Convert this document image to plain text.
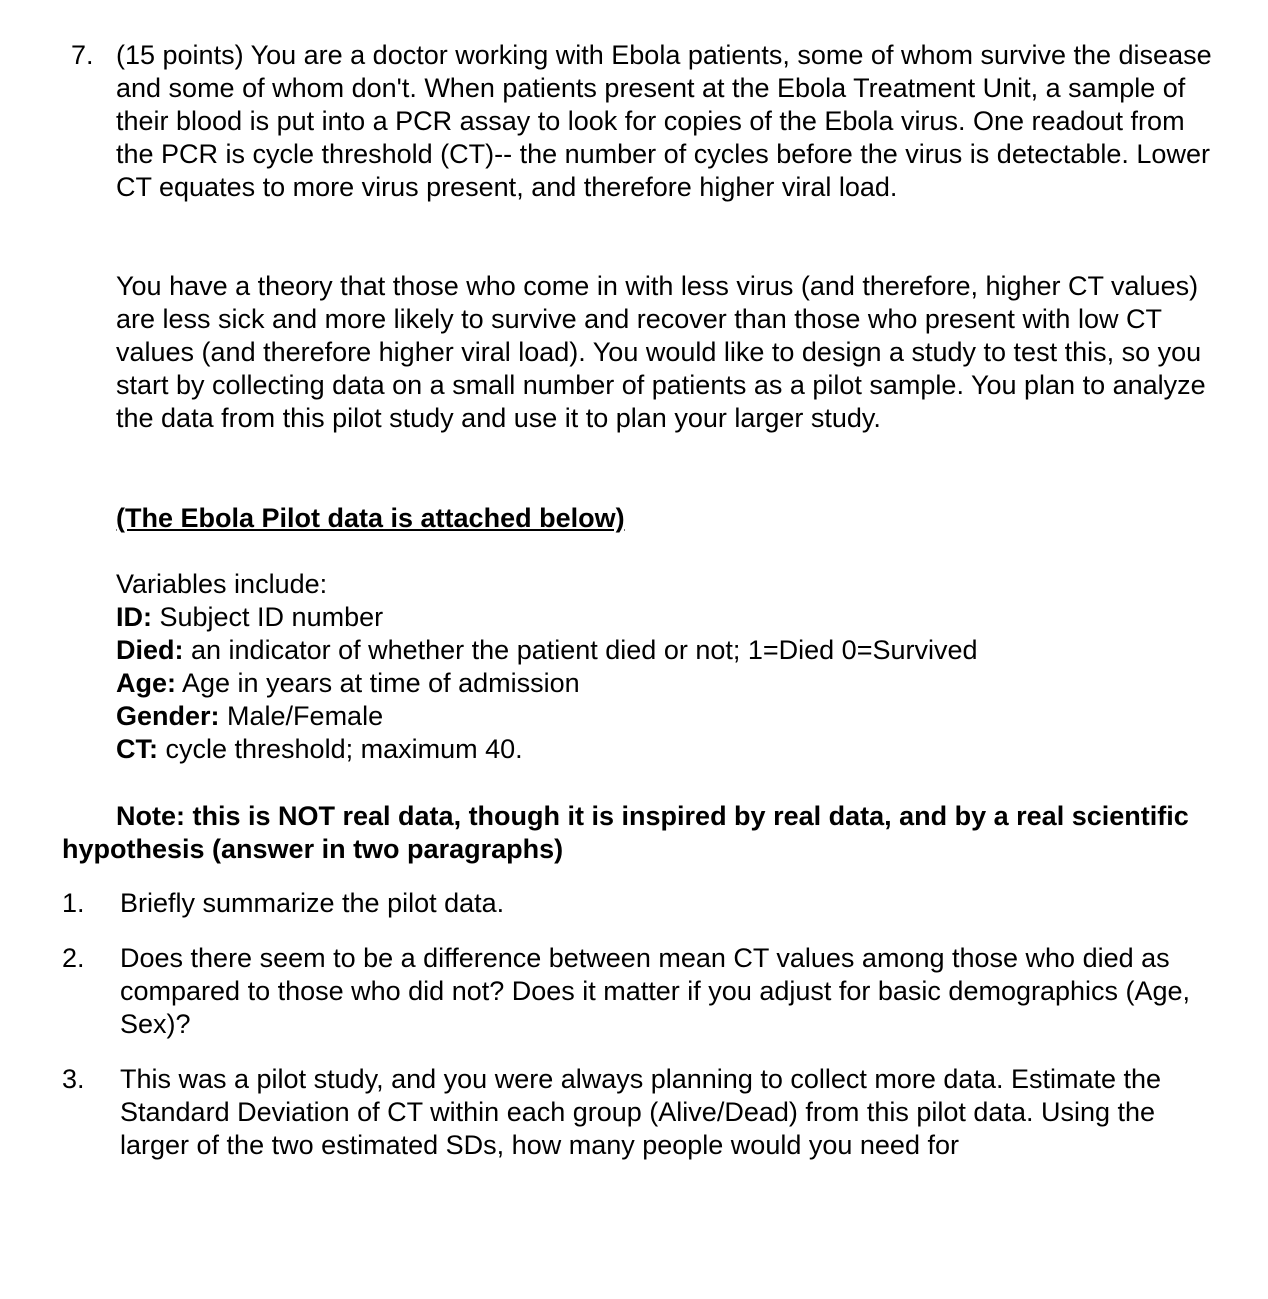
7. (15 points) You are a doctor working with Ebola patients, some of whom survive the disease and some of whom don't. When patients present at the Ebola Treatment Unit, a sample of their blood is put into a PCR assay to look for copies of the Ebola virus. One readout from the PCR is cycle threshold (CT)-- the number of cycles before the virus is detectable. Lower CT equates to more virus present, and therefore higher viral load.

You have a theory that those who come in with less virus (and therefore, higher CT values) are less sick and more likely to survive and recover than those who present with low CT values (and therefore higher viral load). You would like to design a study to test this, so you start by collecting data on a small number of patients as a pilot sample. You plan to analyze the data from this pilot study and use it to plan your larger study.

(The Ebola Pilot data is attached below)
Variables include:
ID: Subject ID number
Died: an indicator of whether the patient died or not; 1=Died 0=Survived
Age: Age in years at time of admission
Gender: Male/Female
CT: cycle threshold; maximum 40.

Note: this is NOT real data, though it is inspired by real data, and by a real scientific hypothesis (answer in two paragraphs)

1. Briefly summarize the pilot data.

2. Does there seem to be a difference between mean CT values among those who died as compared to those who did not? Does it matter if you adjust for basic demographics (Age, Sex)?

3. This was a pilot study, and you were always planning to collect more data. Estimate the Standard Deviation of CT within each group (Alive/Dead) from this pilot data. Using the larger of the two estimated SDs, how many people would you need for
